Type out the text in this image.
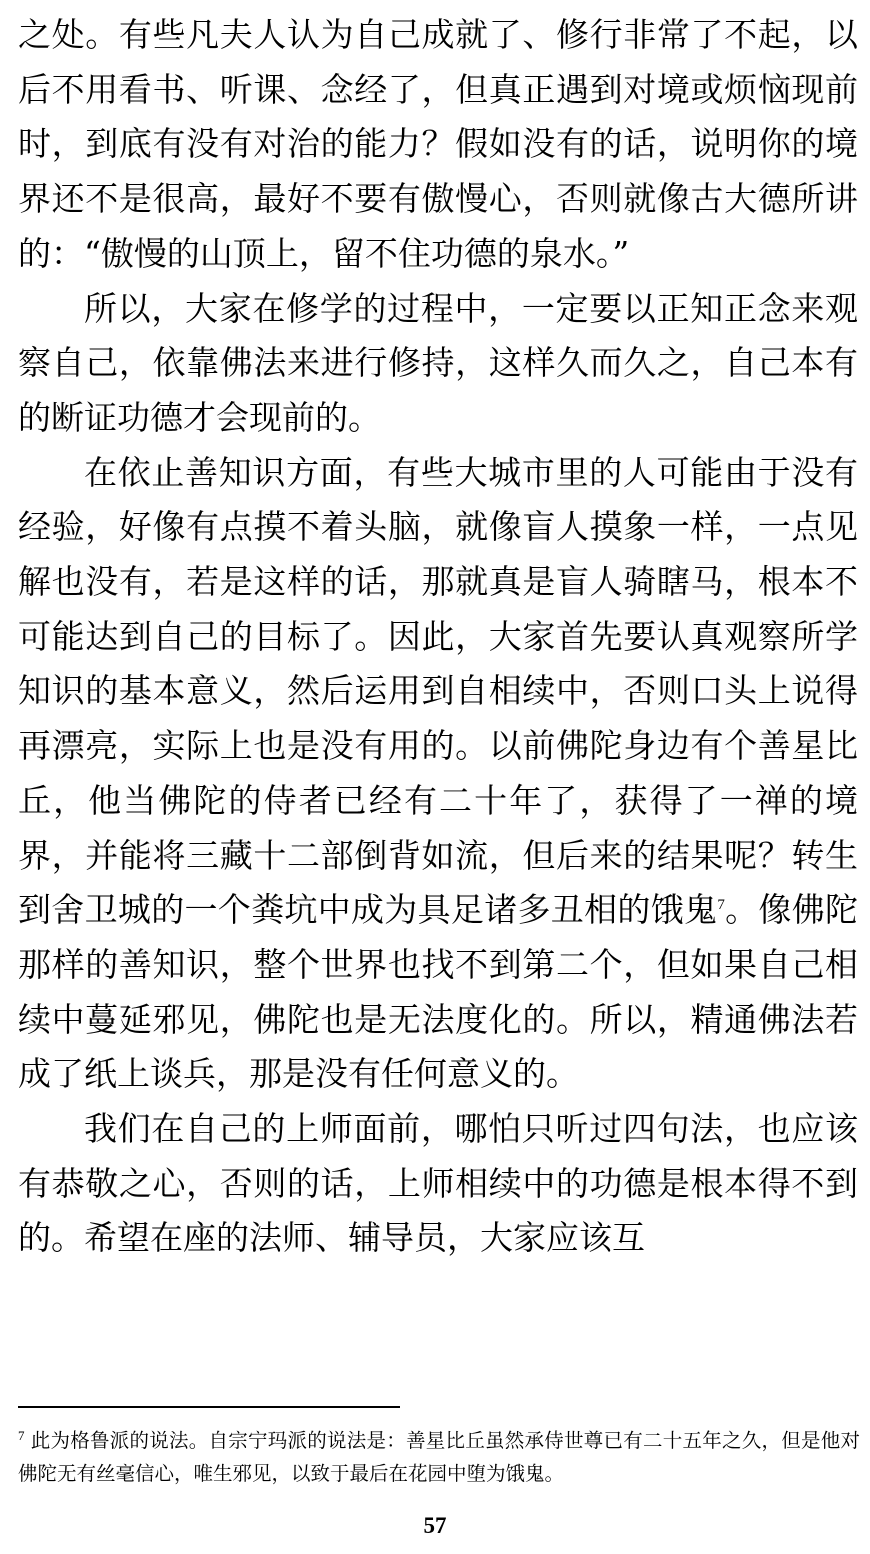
之处。有些凡夫人认为自己成就了、修行非常了不起，以后不用看书、听课、念经了，但真正遇到对境或烦恼现前时，到底有没有对治的能力？假如没有的话，说明你的境界还不是很高，最好不要有傲慢心，否则就像古大德所讲的：“傲慢的山顶上，留不住功德的泉水。”

所以，大家在修学的过程中，一定要以正知正念来观察自己，依靠佛法来进行修持，这样久而久之，自己本有的断证功德才会现前的。

在依止善知识方面，有些大城市里的人可能由于没有经验，好像有点摸不着头脑，就像盲人摸象一样，一点见解也没有，若是这样的话，那就真是盲人骑瞎马，根本不可能达到自己的目标了。因此，大家首先要认真观察所学知识的基本意义，然后运用到自相续中，否则口头上说得再漂亮，实际上也是没有用的。以前佛陀身边有个善星比丘，他当佛陀的侍者已经有二十年了，获得了一禅的境界，并能将三藏十二部倒背如流，但后来的结果呢？转生到舍卫城的一个粪坑中成为具足诸多丑相的饿鬼$^7$。像佛陀那样的善知识，整个世界也找不到第二个，但如果自己相续中蔓延邪见，佛陀也是无法度化的。所以，精通佛法若成了纸上谈兵，那是没有任何意义的。

我们在自己的上师面前，哪怕只听过四句法，也应该有恭敬之心，否则的话，上师相续中的功德是根本得不到的。希望在座的法师、辅导员，大家应该互

$^7$ 此为格鲁派的说法。自宗宁玛派的说法是：善星比丘虽然承侍世尊已有二十五年之久，但是他对佛陀无有丝毫信心，唯生邪见，以致于最后在花园中堕为饿鬼。

57
